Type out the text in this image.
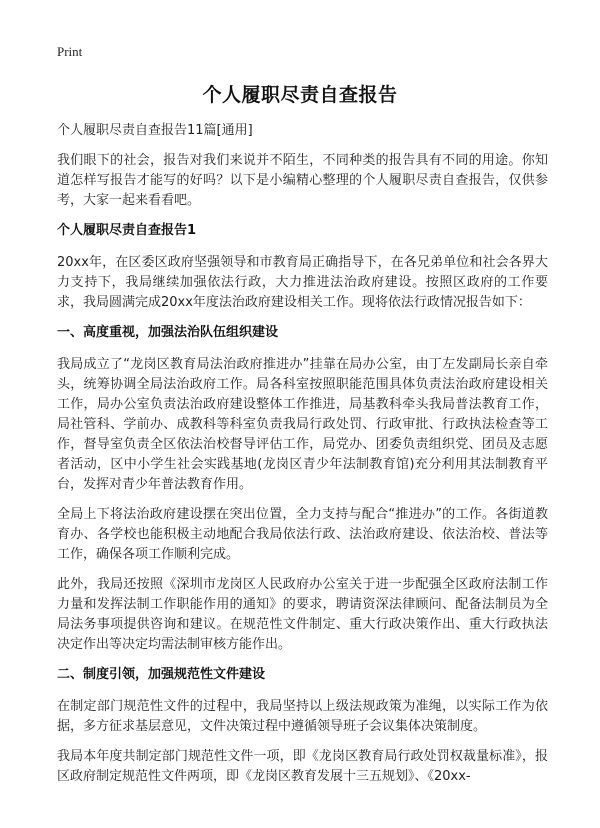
Print
个人履职尽责自查报告
个人履职尽责自查报告11篇[通用]

我们眼下的社会，报告对我们来说并不陌生，不同种类的报告具有不同的用途。你知道怎样写报告才能写的好吗？以下是小编精心整理的个人履职尽责自查报告，仅供参考，大家一起来看看吧。

个人履职尽责自查报告1

20xx年，在区委区政府坚强领导和市教育局正确指导下，在各兄弟单位和社会各界大力支持下，我局继续加强依法行政，大力推进法治政府建设。按照区政府的工作要求，我局圆满完成20xx年度法治政府建设相关工作。现将依法行政情况报告如下：

一、高度重视，加强法治队伍组织建设

我局成立了“龙岗区教育局法治政府推进办”挂靠在局办公室，由丁左发副局长亲自牵头，统筹协调全局法治政府工作。局各科室按照职能范围具体负责法治政府建设相关工作，局办公室负责法治政府建设整体工作推进，局基教科牵头我局普法教育工作，局社管科、学前办、成教科等科室负责我局行政处罚、行政审批、行政执法检查等工作，督导室负责全区依法治校督导评估工作，局党办、团委负责组织党、团员及志愿者活动，区中小学生社会实践基地(龙岗区青少年法制教育馆)充分利用其法制教育平台，发挥对青少年普法教育作用。

全局上下将法治政府建设摆在突出位置，全力支持与配合“推进办”的工作。各街道教育办、各学校也能积极主动地配合我局依法行政、法治政府建设、依法治校、普法等工作，确保各项工作顺利完成。

此外，我局还按照《深圳市龙岗区人民政府办公室关于进一步配强全区政府法制工作力量和发挥法制工作职能作用的通知》的要求，聘请资深法律顾问、配备法制员为全局法务事项提供咨询和建议。在规范性文件制定、重大行政决策作出、重大行政执法决定作出等决定均需法制审核方能作出。

二、制度引领，加强规范性文件建设

在制定部门规范性文件的过程中，我局坚持以上级法规政策为准绳，以实际工作为依据，多方征求基层意见，文件决策过程中遵循领导班子会议集体决策制度。

我局本年度共制定部门规范性文件一项，即《龙岗区教育局行政处罚权裁量标准》，报区政府制定规范性文件两项，即《龙岗区教育发展十三五规划》、《20xx-
